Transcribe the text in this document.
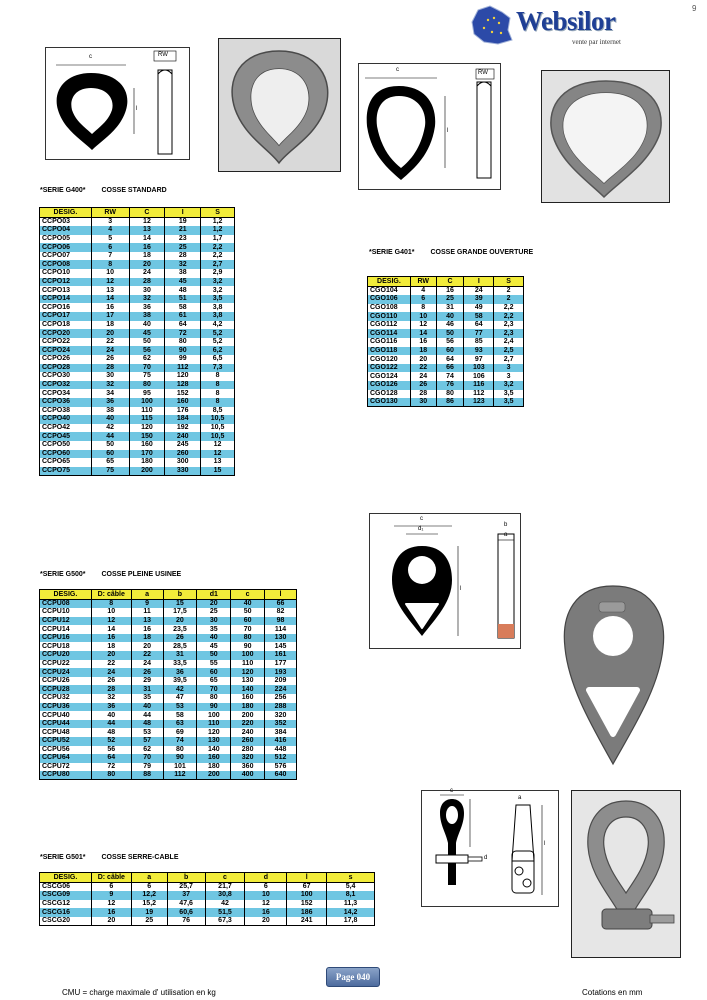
Websilor
vente par internet
9
c	RW
l
c	RW
l
*SERIE G400* COSSE STANDARD
DESIG.	RW	C	I	S
CCPO03	3	12	19	1,2
CCPO04	4	13	21	1,2
CCPO05	5	14	23	1,7
CCPO06	6	16	25	2,2
CCPO07	7	18	28	2,2
CCPO08	8	20	32	2,7
CCPO10	10	24	38	2,9
CCPO12	12	28	45	3,2
CCPO13	13	30	48	3,2
CCPO14	14	32	51	3,5
CCPO16	16	36	58	3,8
CCPO17	17	38	61	3,8
CCPO18	18	40	64	4,2
CCPO20	20	45	72	5,2
CCPO22	22	50	80	5,2
CCPO24	24	56	90	6,2
CCPO26	26	62	99	6,5
CCPO28	28	70	112	7,3
CCPO30	30	75	120	8
CCPO32	32	80	128	8
CCPO34	34	95	152	8
CCPO36	36	100	160	8
CCPO38	38	110	176	8,5
CCPO40	40	115	184	10,5
CCPO42	42	120	192	10,5
CCPO45	44	150	240	10,5
CCPO50	50	160	245	12
CCPO60	60	170	260	12
CCPO65	65	180	300	13
CCPO75	75	200	330	15
*SERIE G401* COSSE GRANDE OUVERTURE
DESIG.	RW	C	I	S
CGO104	4	16	24	2
CGO106	6	25	39	2
CGO108	8	31	49	2,2
CGO110	10	40	58	2,2
CGO112	12	46	64	2,3
CGO114	14	50	77	2,3
CGO116	16	56	85	2,4
CGO118	18	60	93	2,5
CGO120	20	64	97	2,7
CGO122	22	66	103	3
CGO124	24	74	106	3
CGO126	26	76	116	3,2
CGO128	28	80	112	3,5
CGO130	30	86	123	3,5
c
d₁
l
b
a
*SERIE G500* COSSE PLEINE USINEE
DESIG.	D: câble	a	b	d1	c	l
CCPU08	8	9	15	20	40	66
CCPU10	10	11	17,5	25	50	82
CCPU12	12	13	20	30	60	98
CCPU14	14	16	23,5	35	70	114
CCPU16	16	18	26	40	80	130
CCPU18	18	20	28,5	45	90	145
CCPU20	20	22	31	50	100	161
CCPU22	22	24	33,5	55	110	177
CCPU24	24	26	36	60	120	193
CCPU26	26	29	39,5	65	130	209
CCPU28	28	31	42	70	140	224
CCPU32	32	35	47	80	160	256
CCPU36	36	40	53	90	180	288
CCPU40	40	44	58	100	200	320
CCPU44	44	48	63	110	220	352
CCPU48	48	53	69	120	240	384
CCPU52	52	57	74	130	260	416
CCPU56	56	62	80	140	280	448
CCPU64	64	70	90	160	320	512
CCPU72	72	79	101	180	360	576
CCPU80	80	88	112	200	400	640
c
l
d
a
*SERIE G501* COSSE SERRE-CABLE
DESIG.	D: câble	a	b	c	d	l	s
CSCG06	6	6	25,7	21,7	6	67	5,4
CSCG09	9	12,2	37	30,8	10	100	8,1
CSCG12	12	15,2	47,6	42	12	152	11,3
CSCG16	16	19	60,6	51,5	16	186	14,2
CSCG20	20	25	76	67,3	20	241	17,8
Page 040
CMU = charge maximale d' utilisation en kg	Cotations en mm
